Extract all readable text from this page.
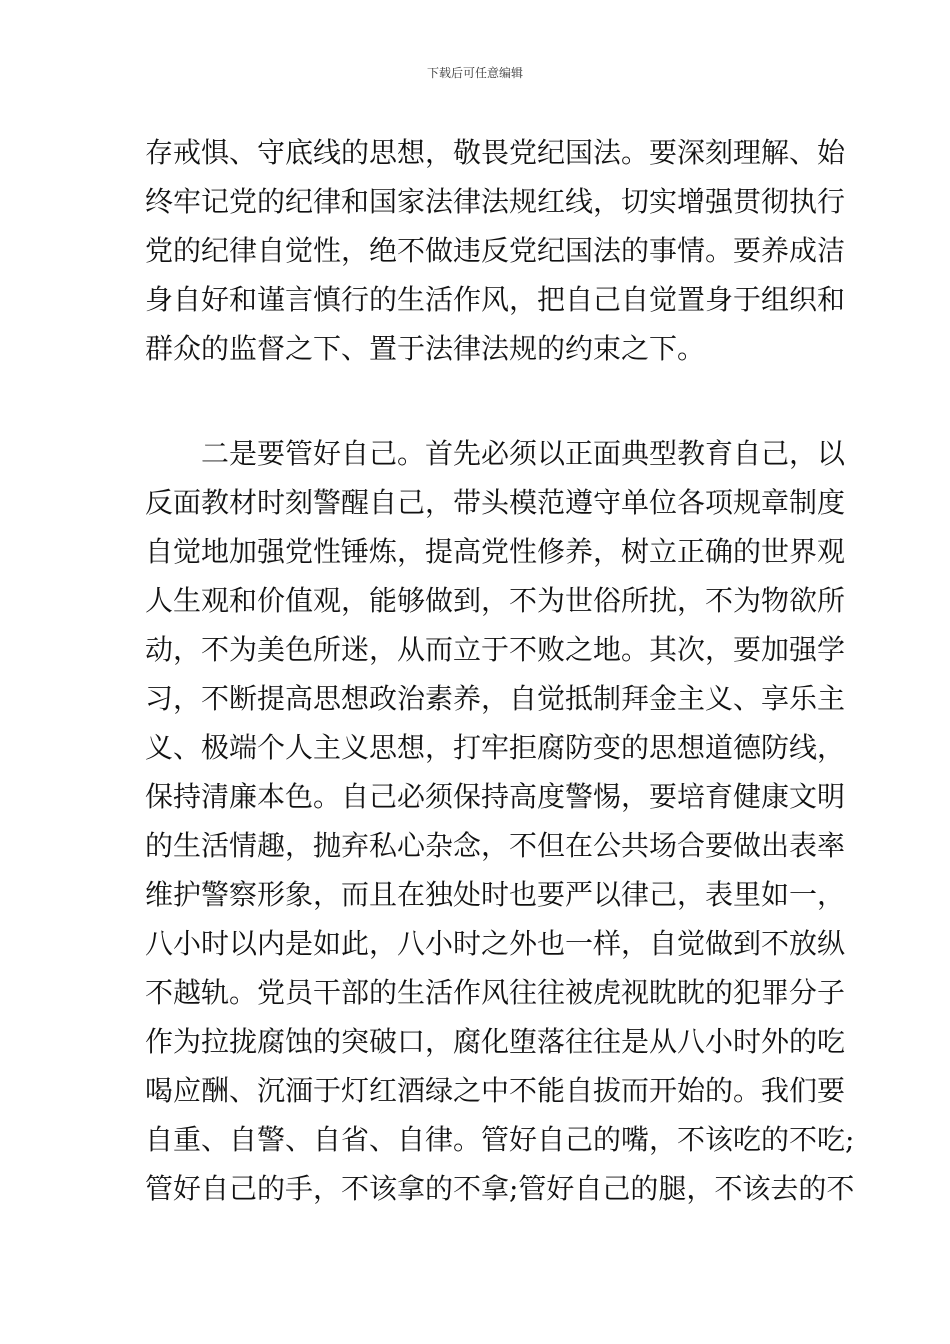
下载后可任意编辑
存戒惧、守底线的思想，敬畏党纪国法。要深刻理解、始
终牢记党的纪律和国家法律法规红线，切实增强贯彻执行
党的纪律自觉性，绝不做违反党纪国法的事情。要养成洁
身自好和谨言慎行的生活作风，把自己自觉置身于组织和
群众的监督之下、置于法律法规的约束之下。
　　二是要管好自己。首先必须以正面典型教育自己，以
反面教材时刻警醒自己，带头模范遵守单位各项规章制度
自觉地加强党性锤炼，提高党性修养，树立正确的世界观
人生观和价值观，能够做到，不为世俗所扰，不为物欲所
动，不为美色所迷，从而立于不败之地。其次，要加强学
习，不断提高思想政治素养，自觉抵制拜金主义、享乐主
义、极端个人主义思想，打牢拒腐防变的思想道德防线，
保持清廉本色。自己必须保持高度警惕，要培育健康文明
的生活情趣，抛弃私心杂念，不但在公共场合要做出表率
维护警察形象，而且在独处时也要严以律己，表里如一，
八小时以内是如此，八小时之外也一样，自觉做到不放纵
不越轨。党员干部的生活作风往往被虎视眈眈的犯罪分子
作为拉拢腐蚀的突破口，腐化堕落往往是从八小时外的吃
喝应酬、沉湎于灯红酒绿之中不能自拔而开始的。我们要
自重、自警、自省、自律。管好自己的嘴，不该吃的不吃;
管好自己的手，不该拿的不拿;管好自己的腿，不该去的不
